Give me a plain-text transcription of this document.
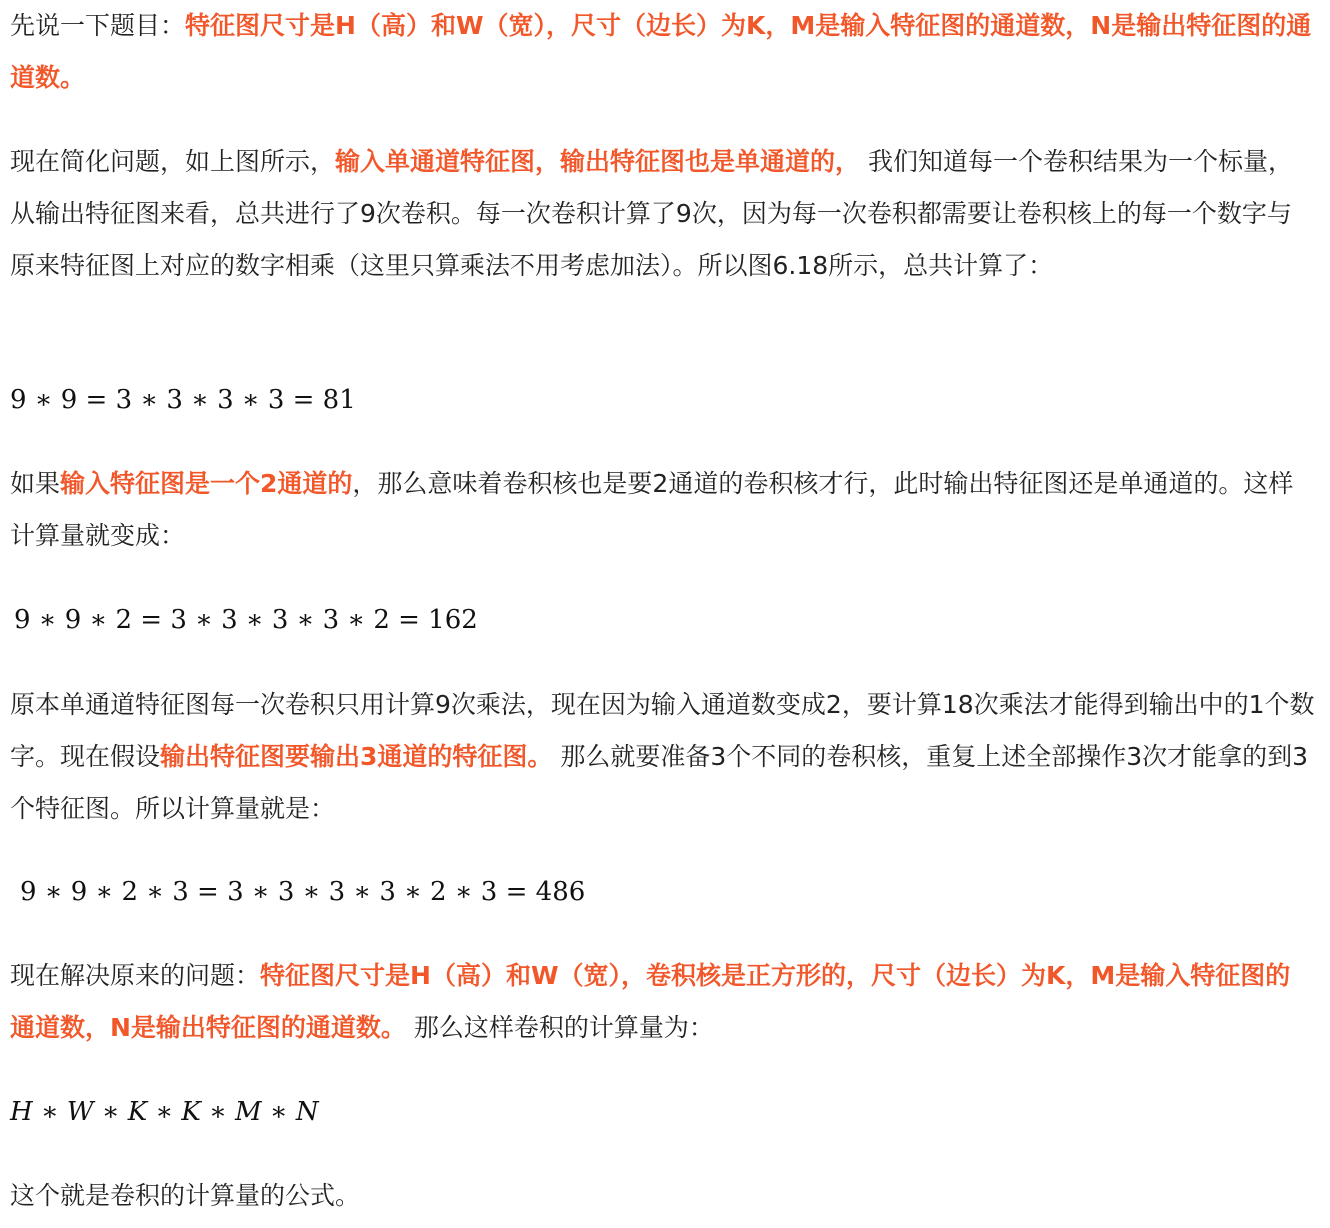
先说一下题目：特征图尺寸是H（高）和W（宽），尺寸（边长）为K，M是输入特征图的通道数，N是输出特征图的通道数。

现在简化问题，如上图所示，输入单通道特征图，输出特征图也是单通道的， 我们知道每一个卷积结果为一个标量，从输出特征图来看，总共进行了9次卷积。每一次卷积计算了9次，因为每一次卷积都需要让卷积核上的每一个数字与原来特征图上对应的数字相乘（这里只算乘法不用考虑加法）。所以图6.18所示，总共计算了：

9 ∗ 9 = 3 ∗ 3 ∗ 3 ∗ 3 = 81

如果输入特征图是一个2通道的，那么意味着卷积核也是要2通道的卷积核才行，此时输出特征图还是单通道的。这样计算量就变成：

9 ∗ 9 ∗ 2 = 3 ∗ 3 ∗ 3 ∗ 3 ∗ 2 = 162

原本单通道特征图每一次卷积只用计算9次乘法，现在因为输入通道数变成2，要计算18次乘法才能得到输出中的1个数字。现在假设输出特征图要输出3通道的特征图。 那么就要准备3个不同的卷积核，重复上述全部操作3次才能拿的到3个特征图。所以计算量就是：

9 ∗ 9 ∗ 2 ∗ 3 = 3 ∗ 3 ∗ 3 ∗ 3 ∗ 2 ∗ 3 = 486

现在解决原来的问题：特征图尺寸是H（高）和W（宽），卷积核是正方形的，尺寸（边长）为K，M是输入特征图的通道数，N是输出特征图的通道数。 那么这样卷积的计算量为：

H ∗ W ∗ K ∗ K ∗ M ∗ N

这个就是卷积的计算量的公式。
